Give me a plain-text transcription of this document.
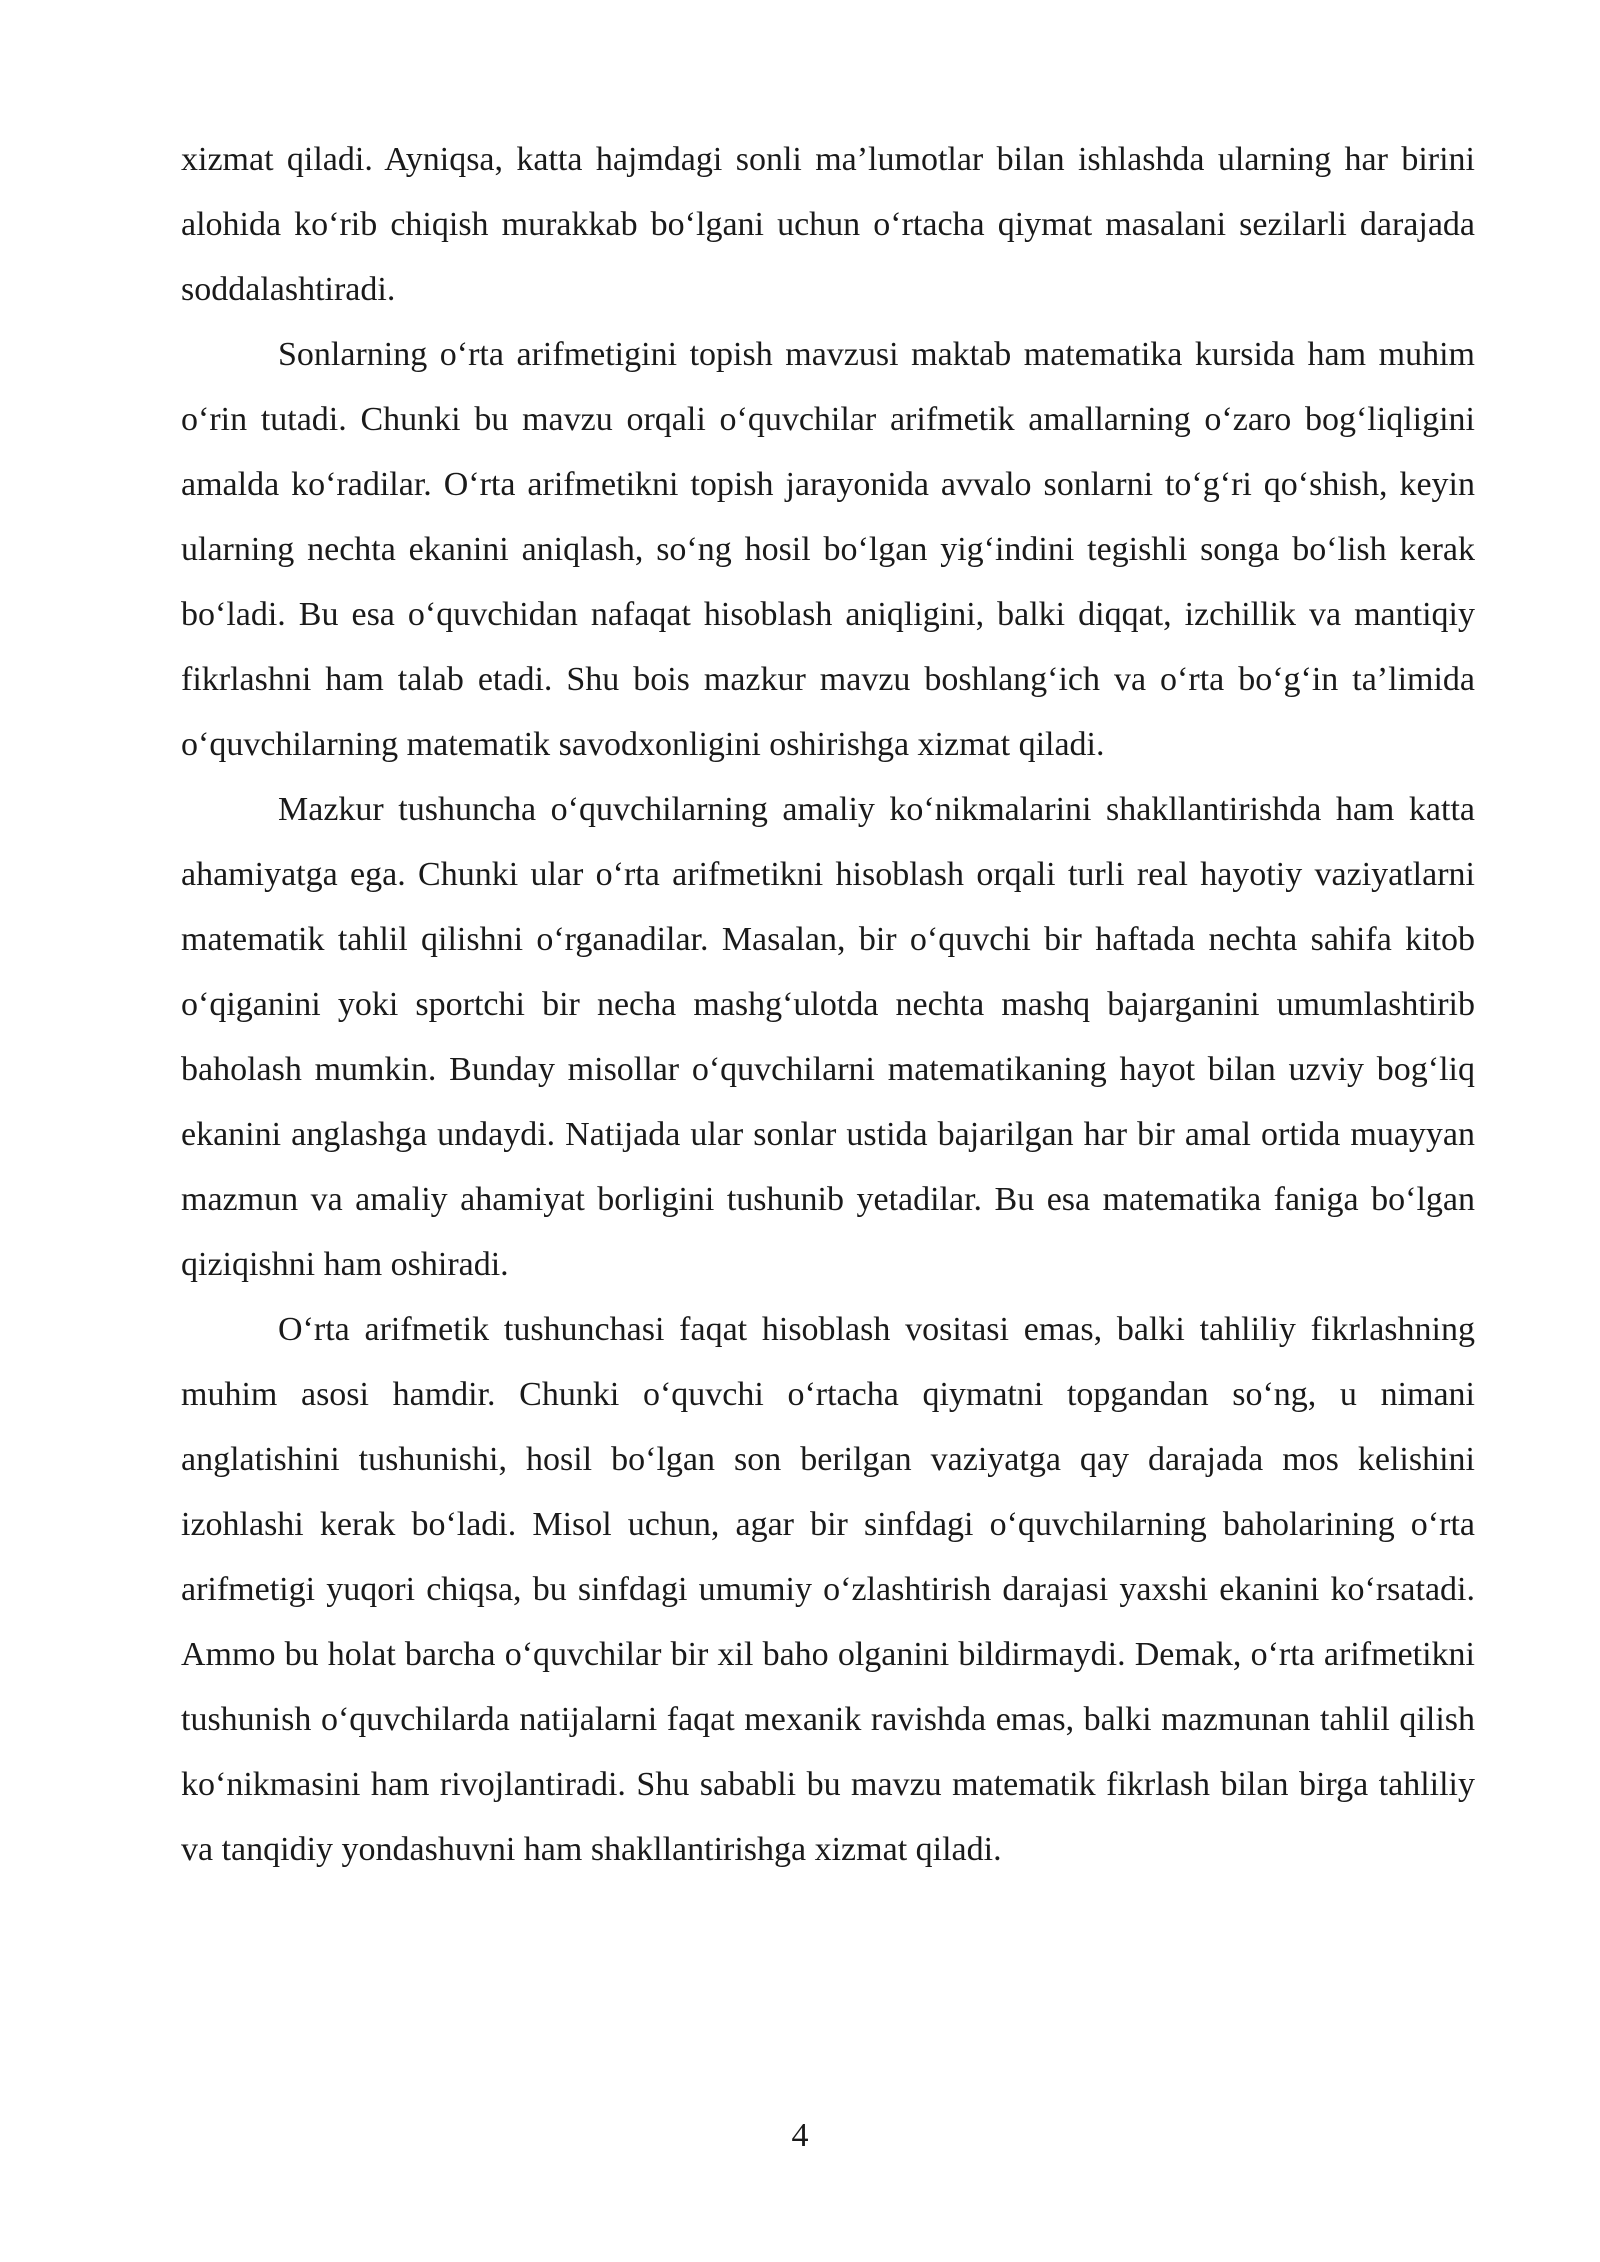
xizmat qiladi. Ayniqsa, katta hajmdagi sonli ma’lumotlar bilan ishlashda ularning har birini alohida ko‘rib chiqish murakkab bo‘lgani uchun o‘rtacha qiymat masalani sezilarli darajada soddalashtiradi.

Sonlarning o‘rta arifmetigini topish mavzusi maktab matematika kursida ham muhim o‘rin tutadi. Chunki bu mavzu orqali o‘quvchilar arifmetik amallarning o‘zaro bog‘liqligini amalda ko‘radilar. O‘rta arifmetikni topish jarayonida avvalo sonlarni to‘g‘ri qo‘shish, keyin ularning nechta ekanini aniqlash, so‘ng hosil bo‘lgan yig‘indini tegishli songa bo‘lish kerak bo‘ladi. Bu esa o‘quvchidan nafaqat hisoblash aniqligini, balki diqqat, izchillik va mantiqiy fikrlashni ham talab etadi. Shu bois mazkur mavzu boshlang‘ich va o‘rta bo‘g‘in ta’limida o‘quvchilarning matematik savodxonligini oshirishga xizmat qiladi.

Mazkur tushuncha o‘quvchilarning amaliy ko‘nikmalarini shakllantirishda ham katta ahamiyatga ega. Chunki ular o‘rta arifmetikni hisoblash orqali turli real hayotiy vaziyatlarni matematik tahlil qilishni o‘rganadilar. Masalan, bir o‘quvchi bir haftada nechta sahifa kitob o‘qiganini yoki sportchi bir necha mashg‘ulotda nechta mashq bajarganini umumlashtirib baholash mumkin. Bunday misollar o‘quvchilarni matematikaning hayot bilan uzviy bog‘liq ekanini anglashga undaydi. Natijada ular sonlar ustida bajarilgan har bir amal ortida muayyan mazmun va amaliy ahamiyat borligini tushunib yetadilar. Bu esa matematika faniga bo‘lgan qiziqishni ham oshiradi.

O‘rta arifmetik tushunchasi faqat hisoblash vositasi emas, balki tahliliy fikrlashning muhim asosi hamdir. Chunki o‘quvchi o‘rtacha qiymatni topgandan so‘ng, u nimani anglatishini tushunishi, hosil bo‘lgan son berilgan vaziyatga qay darajada mos kelishini izohlashi kerak bo‘ladi. Misol uchun, agar bir sinfdagi o‘quvchilarning baholarining o‘rta arifmetigi yuqori chiqsa, bu sinfdagi umumiy o‘zlashtirish darajasi yaxshi ekanini ko‘rsatadi. Ammo bu holat barcha o‘quvchilar bir xil baho olganini bildirmaydi. Demak, o‘rta arifmetikni tushunish o‘quvchilarda natijalarni faqat mexanik ravishda emas, balki mazmunan tahlil qilish ko‘nikmasini ham rivojlantiradi. Shu sababli bu mavzu matematik fikrlash bilan birga tahliliy va tanqidiy yondashuvni ham shakllantirishga xizmat qiladi.

4
